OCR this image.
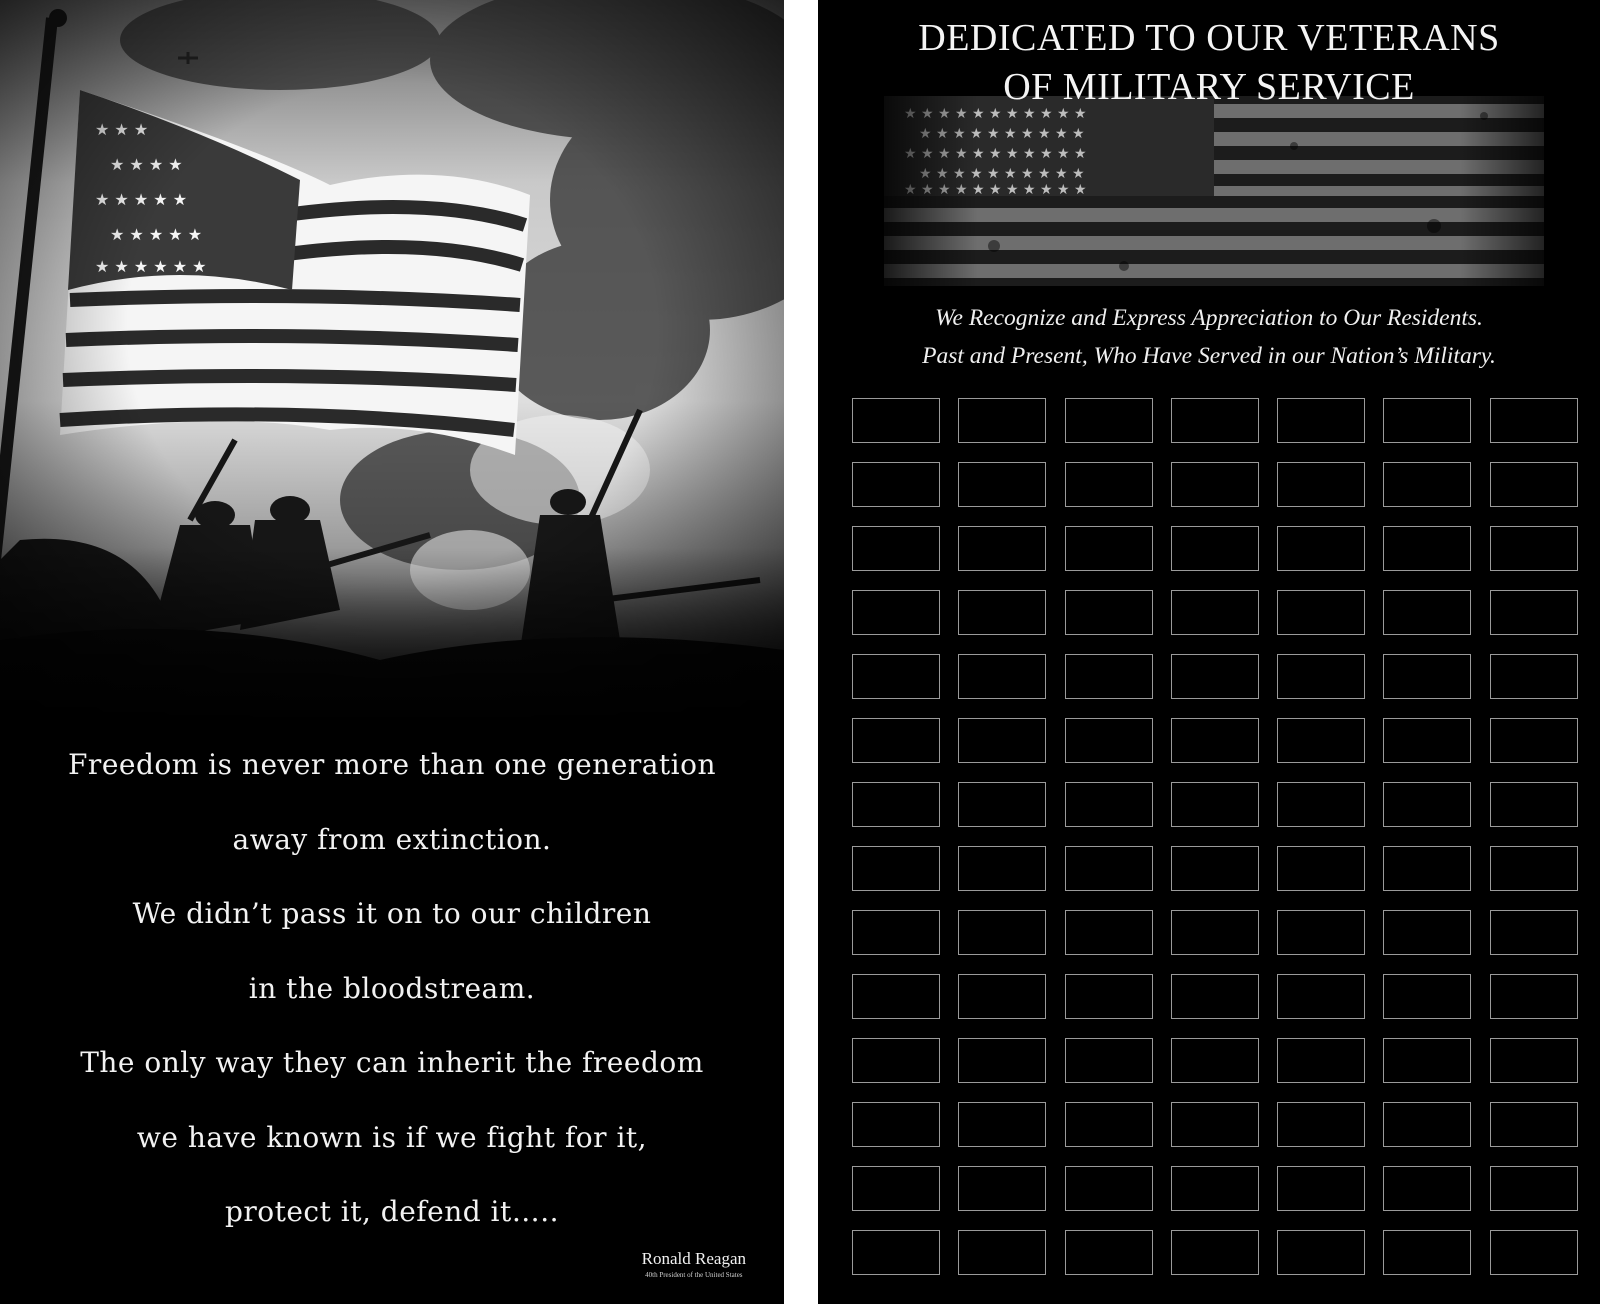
Freedom is never more than one generation
away from extinction.
We didn’t pass it on to our children
in the bloodstream.
The only way they can inherit the freedom
we have known is if we fight for it,
protect it, defend it…..
Ronald Reagan
40th President of the United States
DEDICATED TO OUR VETERANS
OF MILITARY SERVICE
We Recognize and Express Appreciation to Our Residents.
Past and Present, Who Have Served in our Nation’s Military.
